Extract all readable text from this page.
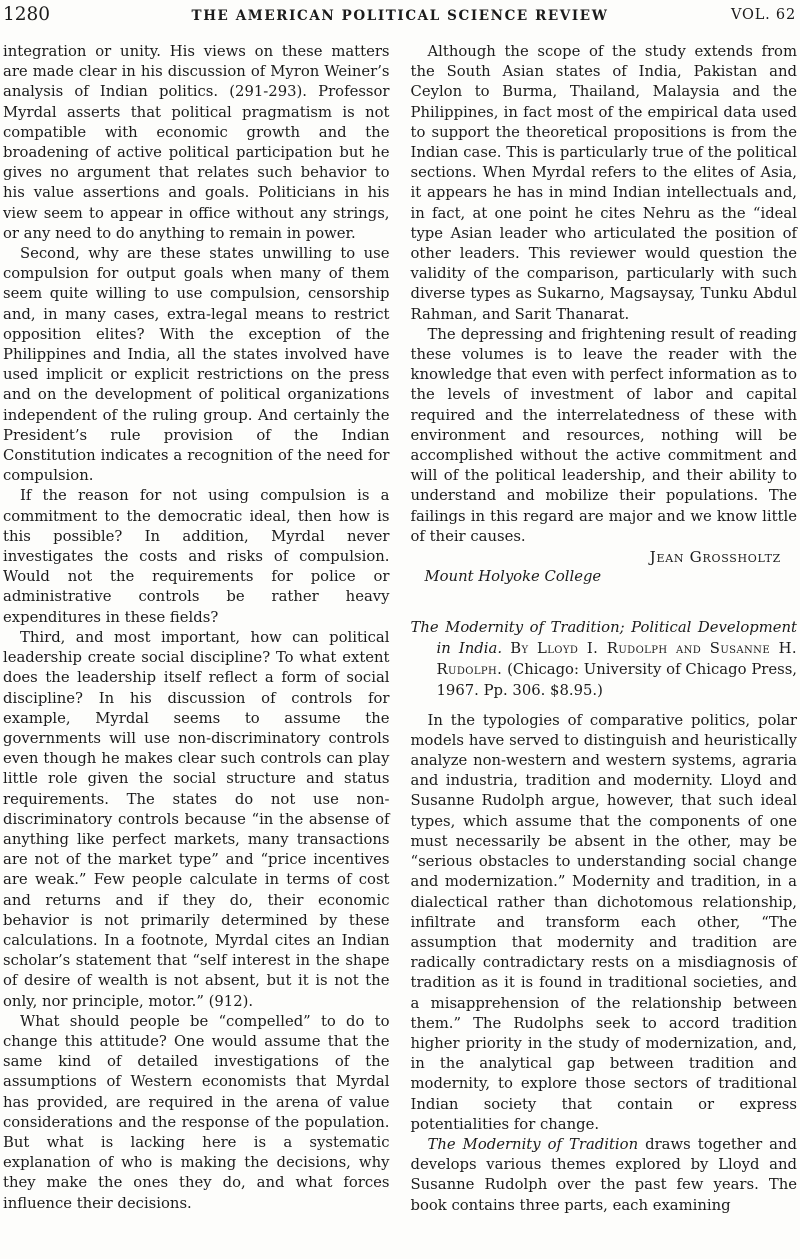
1280	THE AMERICAN POLITICAL SCIENCE REVIEW	VOL. 62

integration or unity. His views on these matters are made clear in his discussion of Myron Weiner’s analysis of Indian politics. (291-293). Professor Myrdal asserts that political pragmatism is not compatible with economic growth and the broadening of active political participation but he gives no argument that relates such behavior to his value assertions and goals. Politicians in his view seem to appear in office without any strings, or any need to do anything to remain in power.

Second, why are these states unwilling to use compulsion for output goals when many of them seem quite willing to use compulsion, censorship and, in many cases, extra-legal means to restrict opposition elites? With the exception of the Philippines and India, all the states involved have used implicit or explicit restrictions on the press and on the development of political organizations independent of the ruling group. And certainly the President’s rule provision of the Indian Constitution indicates a recognition of the need for compulsion.

If the reason for not using compulsion is a commitment to the democratic ideal, then how is this possible? In addition, Myrdal never investigates the costs and risks of compulsion. Would not the requirements for police or administrative controls be rather heavy expenditures in these fields?

Third, and most important, how can political leadership create social discipline? To what extent does the leadership itself reflect a form of social discipline? In his discussion of controls for example, Myrdal seems to assume the governments will use non-discriminatory controls even though he makes clear such controls can play little role given the social structure and status requirements. The states do not use non-discriminatory controls because “in the absense of anything like perfect markets, many transactions are not of the market type” and “price incentives are weak.” Few people calculate in terms of cost and returns and if they do, their economic behavior is not primarily determined by these calculations. In a footnote, Myrdal cites an Indian scholar’s statement that “self interest in the shape of desire of wealth is not absent, but it is not the only, nor principle, motor.” (912).

What should people be “compelled” to do to change this attitude? One would assume that the same kind of detailed investigations of the assumptions of Western economists that Myrdal has provided, are required in the arena of value considerations and the response of the population. But what is lacking here is a systematic explanation of who is making the decisions, why they make the ones they do, and what forces influence their decisions.

Although the scope of the study extends from the South Asian states of India, Pakistan and Ceylon to Burma, Thailand, Malaysia and the Philippines, in fact most of the empirical data used to support the theoretical propositions is from the Indian case. This is particularly true of the political sections. When Myrdal refers to the elites of Asia, it appears he has in mind Indian intellectuals and, in fact, at one point he cites Nehru as the “ideal type Asian leader who articulated the position of other leaders. This reviewer would question the validity of the comparison, particularly with such diverse types as Sukarno, Magsaysay, Tunku Abdul Rahman, and Sarit Thanarat.

The depressing and frightening result of reading these volumes is to leave the reader with the knowledge that even with perfect information as to the levels of investment of labor and capital required and the interrelatedness of these with environment and resources, nothing will be accomplished without the active commitment and will of the political leadership, and their ability to understand and mobilize their populations. The failings in this regard are major and we know little of their causes.

Jean Grossholtz

Mount Holyoke College

The Modernity of Tradition; Political Development in India. By Lloyd I. Rudolph and Susanne H. Rudolph. (Chicago: University of Chicago Press, 1967. Pp. 306. $8.95.)

In the typologies of comparative politics, polar models have served to distinguish and heuristically analyze non-western and western systems, agraria and industria, tradition and modernity. Lloyd and Susanne Rudolph argue, however, that such ideal types, which assume that the components of one must necessarily be absent in the other, may be “serious obstacles to understanding social change and modernization.” Modernity and tradition, in a dialectical rather than dichotomous relationship, infiltrate and transform each other, “The assumption that modernity and tradition are radically contradictary rests on a misdiagnosis of tradition as it is found in traditional societies, and a misapprehension of the relationship between them.” The Rudolphs seek to accord tradition higher priority in the study of modernization, and, in the analytical gap between tradition and modernity, to explore those sectors of traditional Indian society that contain or express potentialities for change.

The Modernity of Tradition draws together and develops various themes explored by Lloyd and Susanne Rudolph over the past few years. The book contains three parts, each examining
